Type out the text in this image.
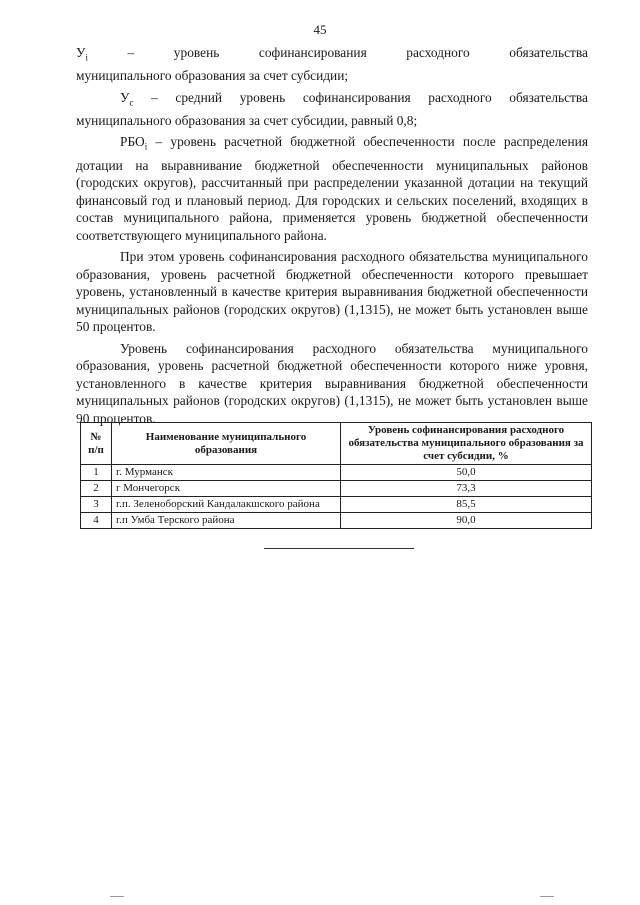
45
$У_i$	–	уровень	софинансирования	расходного	обязательства
муниципального образования за счет субсидии;

$У_c$ – средний уровень софинансирования расходного обязательства муниципального образования за счет субсидии, равный 0,8;

$РБО_i$ – уровень расчетной бюджетной обеспеченности после распределения дотации на выравнивание бюджетной обеспеченности муниципальных районов (городских округов), рассчитанный при распределении указанной дотации на текущий финансовый год и плановый период. Для городских и сельских поселений, входящих в состав муниципального района, применяется уровень бюджетной обеспеченности соответствующего муниципального района.

При этом уровень софинансирования расходного обязательства муниципального образования, уровень расчетной бюджетной обеспеченности которого превышает уровень, установленный в качестве критерия выравнивания бюджетной обеспеченности муниципальных районов (городских округов) (1,1315), не может быть установлен выше 50 процентов.

Уровень софинансирования расходного обязательства муниципального образования, уровень расчетной бюджетной обеспеченности которого ниже уровня, установленного в качестве критерия выравнивания бюджетной обеспеченности муниципальных районов (городских округов) (1,1315), не может быть установлен выше 90 процентов.

№ п/п	Наименование муниципального образования	Уровень софинансирования расходного обязательства муниципального образования за счет субсидии, %
1	г. Мурманск	50,0
2	г Мончегорск	73,3
3	г.п. Зеленоборский Кандалакшского района	85,5
4	г.п Умба Терского района	90,0
